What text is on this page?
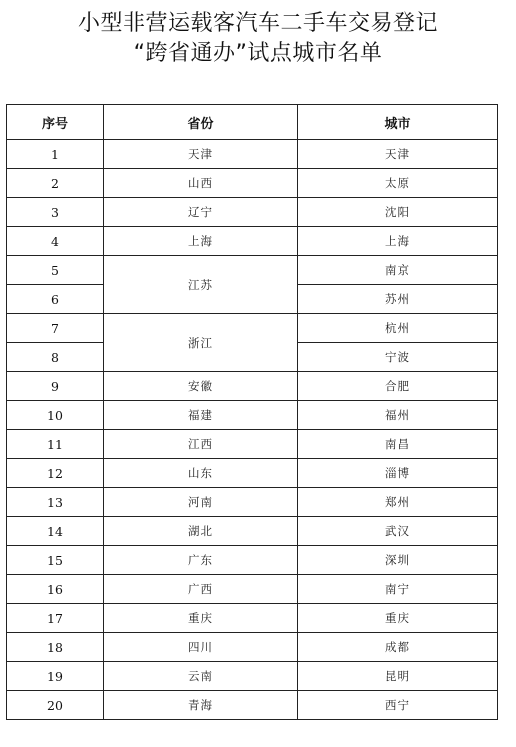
小型非营运载客汽车二手车交易登记
“跨省通办”试点城市名单
序号	省份	城市
1	天津	天津
2	山西	太原
3	辽宁	沈阳
4	上海	上海
5	江苏	南京
6		苏州
7	浙江	杭州
8		宁波
9	安徽	合肥
10	福建	福州
11	江西	南昌
12	山东	淄博
13	河南	郑州
14	湖北	武汉
15	广东	深圳
16	广西	南宁
17	重庆	重庆
18	四川	成都
19	云南	昆明
20	青海	西宁
